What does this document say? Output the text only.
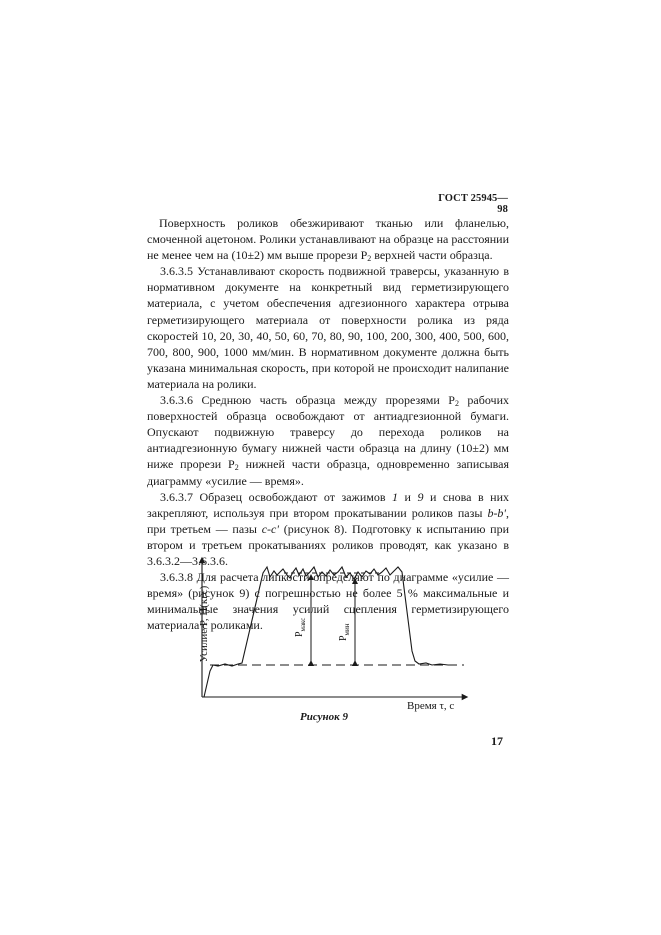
ГОСТ 25945—98

Поверхность роликов обезжиривают тканью или фланелью, смоченной ацетоном. Ролики устанавливают на образце на расстоянии не менее чем на (10±2) мм выше прорези $P_2$ верхней части образца.

3.6.3.5 Устанавливают скорость подвижной траверсы, указанную в нормативном документе на конкретный вид герметизирующего материала, с учетом обеспечения адгезионного характера отрыва герметизирующего материала от поверхности ролика из ряда скоростей 10, 20, 30, 40, 50, 60, 70, 80, 90, 100, 200, 300, 400, 500, 600, 700, 800, 900, 1000 мм/мин. В нормативном документе должна быть указана минимальная скорость, при которой не происходит налипание материала на ролики.

3.6.3.6 Среднюю часть образца между прорезями $P_2$ рабочих поверхностей образца освобождают от антиадгезионной бумаги. Опускают подвижную траверсу до перехода роликов на антиадгезионную бумагу нижней части образца на длину (10±2) мм ниже прорези $P_2$ нижней части образца, одновременно записывая диаграмму «усилие — время».

3.6.3.7 Образец освобождают от зажимов 1 и 9 и снова в них закрепляют, используя при втором прокатывании роликов пазы b-b', при третьем — пазы c-c' (рисунок 8). Подготовку к испытанию при втором и третьем прокатываниях роликов проводят, как указано в 3.6.3.2—3.6.3.6.

3.6.3.8 Для расчета липкости определяют по диаграмме «усилие — время» (рисунок 9) с погрешностью не более 5 % максимальные и минимальные значения усилий сцепления герметизирующего материала с роликами.

Усилие P, H(кгс)
Время τ, с
$P_{макс}$
$P_{мин}$
Рисунок 9
17
